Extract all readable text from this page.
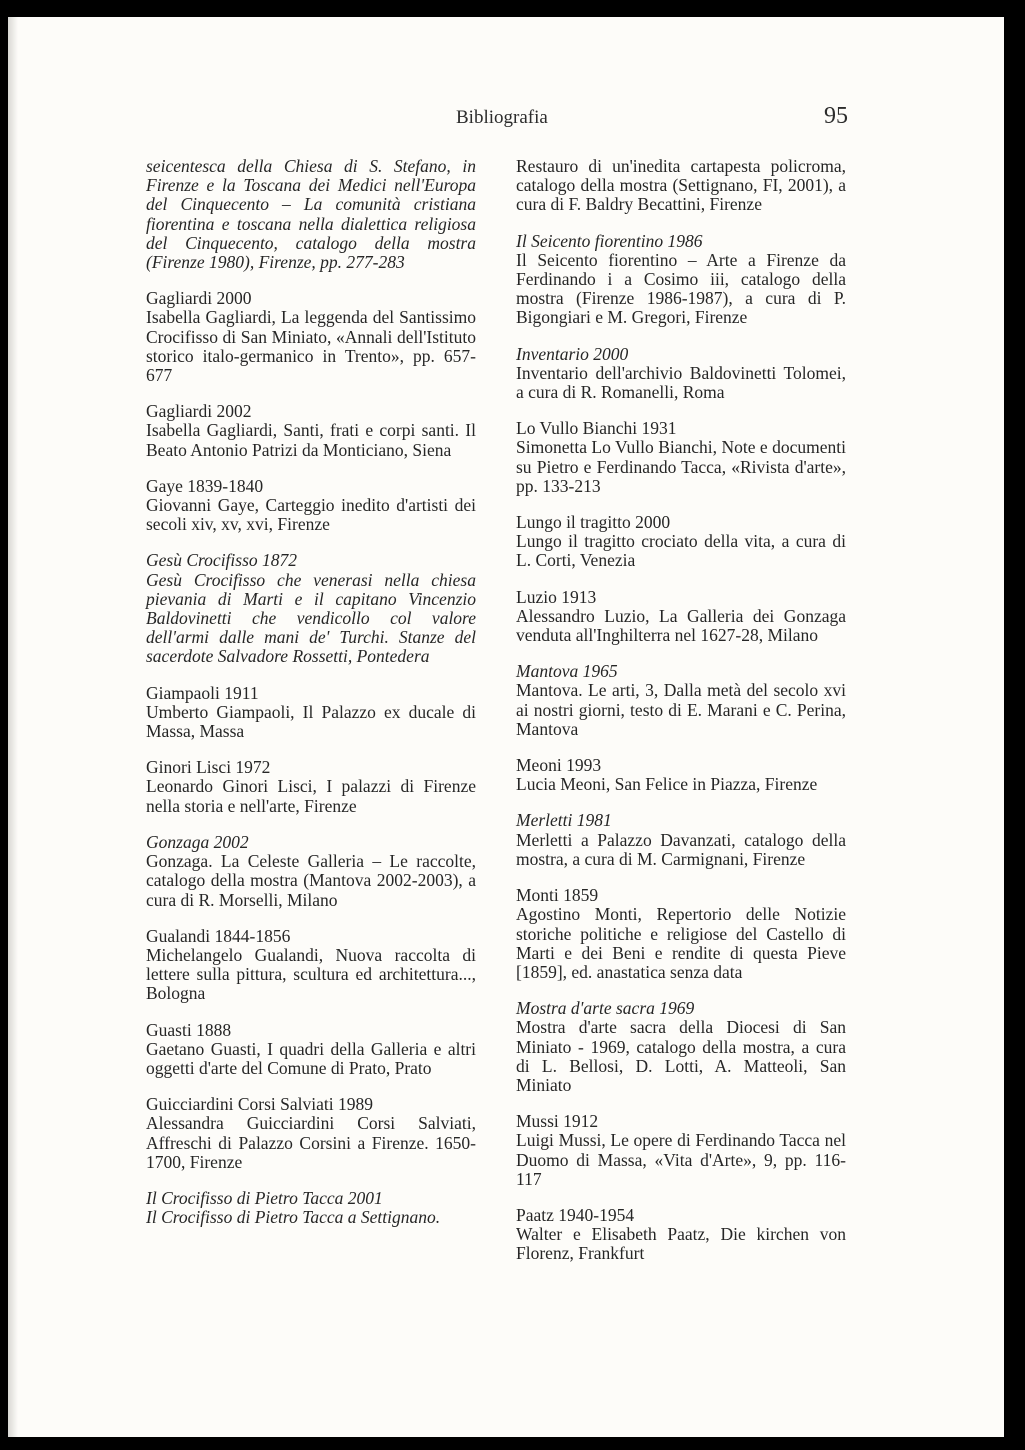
Bibliografia	95
seicentesca della Chiesa di S. Stefano, in Firenze e la Toscana dei Medici nell'Europa del Cinquecento – La comunità cristiana fiorentina e toscana nella dialettica religiosa del Cinquecento, catalogo della mostra (Firenze 1980), Firenze, pp. 277-283
Gagliardi 2000
Isabella Gagliardi, La leggenda del Santissimo Crocifisso di San Miniato, «Annali dell'Istituto storico italo-germanico in Trento», pp. 657-677
Gagliardi 2002
Isabella Gagliardi, Santi, frati e corpi santi. Il Beato Antonio Patrizi da Monticiano, Siena
Gaye 1839-1840
Giovanni Gaye, Carteggio inedito d'artisti dei secoli xiv, xv, xvi, Firenze
Gesù Crocifisso 1872
Gesù Crocifisso che venerasi nella chiesa pievania di Marti e il capitano Vincenzio Baldovinetti che vendicollo col valore dell'armi dalle mani de' Turchi. Stanze del sacerdote Salvadore Rossetti, Pontedera
Giampaoli 1911
Umberto Giampaoli, Il Palazzo ex ducale di Massa, Massa
Ginori Lisci 1972
Leonardo Ginori Lisci, I palazzi di Firenze nella storia e nell'arte, Firenze
Gonzaga 2002
Gonzaga. La Celeste Galleria – Le raccolte, catalogo della mostra (Mantova 2002-2003), a cura di R. Morselli, Milano
Gualandi 1844-1856
Michelangelo Gualandi, Nuova raccolta di lettere sulla pittura, scultura ed architettura..., Bologna
Guasti 1888
Gaetano Guasti, I quadri della Galleria e altri oggetti d'arte del Comune di Prato, Prato
Guicciardini Corsi Salviati 1989
Alessandra Guicciardini Corsi Salviati, Affreschi di Palazzo Corsini a Firenze. 1650-1700, Firenze
Il Crocifisso di Pietro Tacca 2001
Il Crocifisso di Pietro Tacca a Settignano.
Restauro di un'inedita cartapesta policroma, catalogo della mostra (Settignano, FI, 2001), a cura di F. Baldry Becattini, Firenze
Il Seicento fiorentino 1986
Il Seicento fiorentino – Arte a Firenze da Ferdinando i a Cosimo iii, catalogo della mostra (Firenze 1986-1987), a cura di P. Bigongiari e M. Gregori, Firenze
Inventario 2000
Inventario dell'archivio Baldovinetti Tolomei, a cura di R. Romanelli, Roma
Lo Vullo Bianchi 1931
Simonetta Lo Vullo Bianchi, Note e documenti su Pietro e Ferdinando Tacca, «Rivista d'arte», pp. 133-213
Lungo il tragitto 2000
Lungo il tragitto crociato della vita, a cura di L. Corti, Venezia
Luzio 1913
Alessandro Luzio, La Galleria dei Gonzaga venduta all'Inghilterra nel 1627-28, Milano
Mantova 1965
Mantova. Le arti, 3, Dalla metà del secolo xvi ai nostri giorni, testo di E. Marani e C. Perina, Mantova
Meoni 1993
Lucia Meoni, San Felice in Piazza, Firenze
Merletti 1981
Merletti a Palazzo Davanzati, catalogo della mostra, a cura di M. Carmignani, Firenze
Monti 1859
Agostino Monti, Repertorio delle Notizie storiche politiche e religiose del Castello di Marti e dei Beni e rendite di questa Pieve [1859], ed. anastatica senza data
Mostra d'arte sacra 1969
Mostra d'arte sacra della Diocesi di San Miniato - 1969, catalogo della mostra, a cura di L. Bellosi, D. Lotti, A. Matteoli, San Miniato
Mussi 1912
Luigi Mussi, Le opere di Ferdinando Tacca nel Duomo di Massa, «Vita d'Arte», 9, pp. 116-117
Paatz 1940-1954
Walter e Elisabeth Paatz, Die kirchen von Florenz, Frankfurt
